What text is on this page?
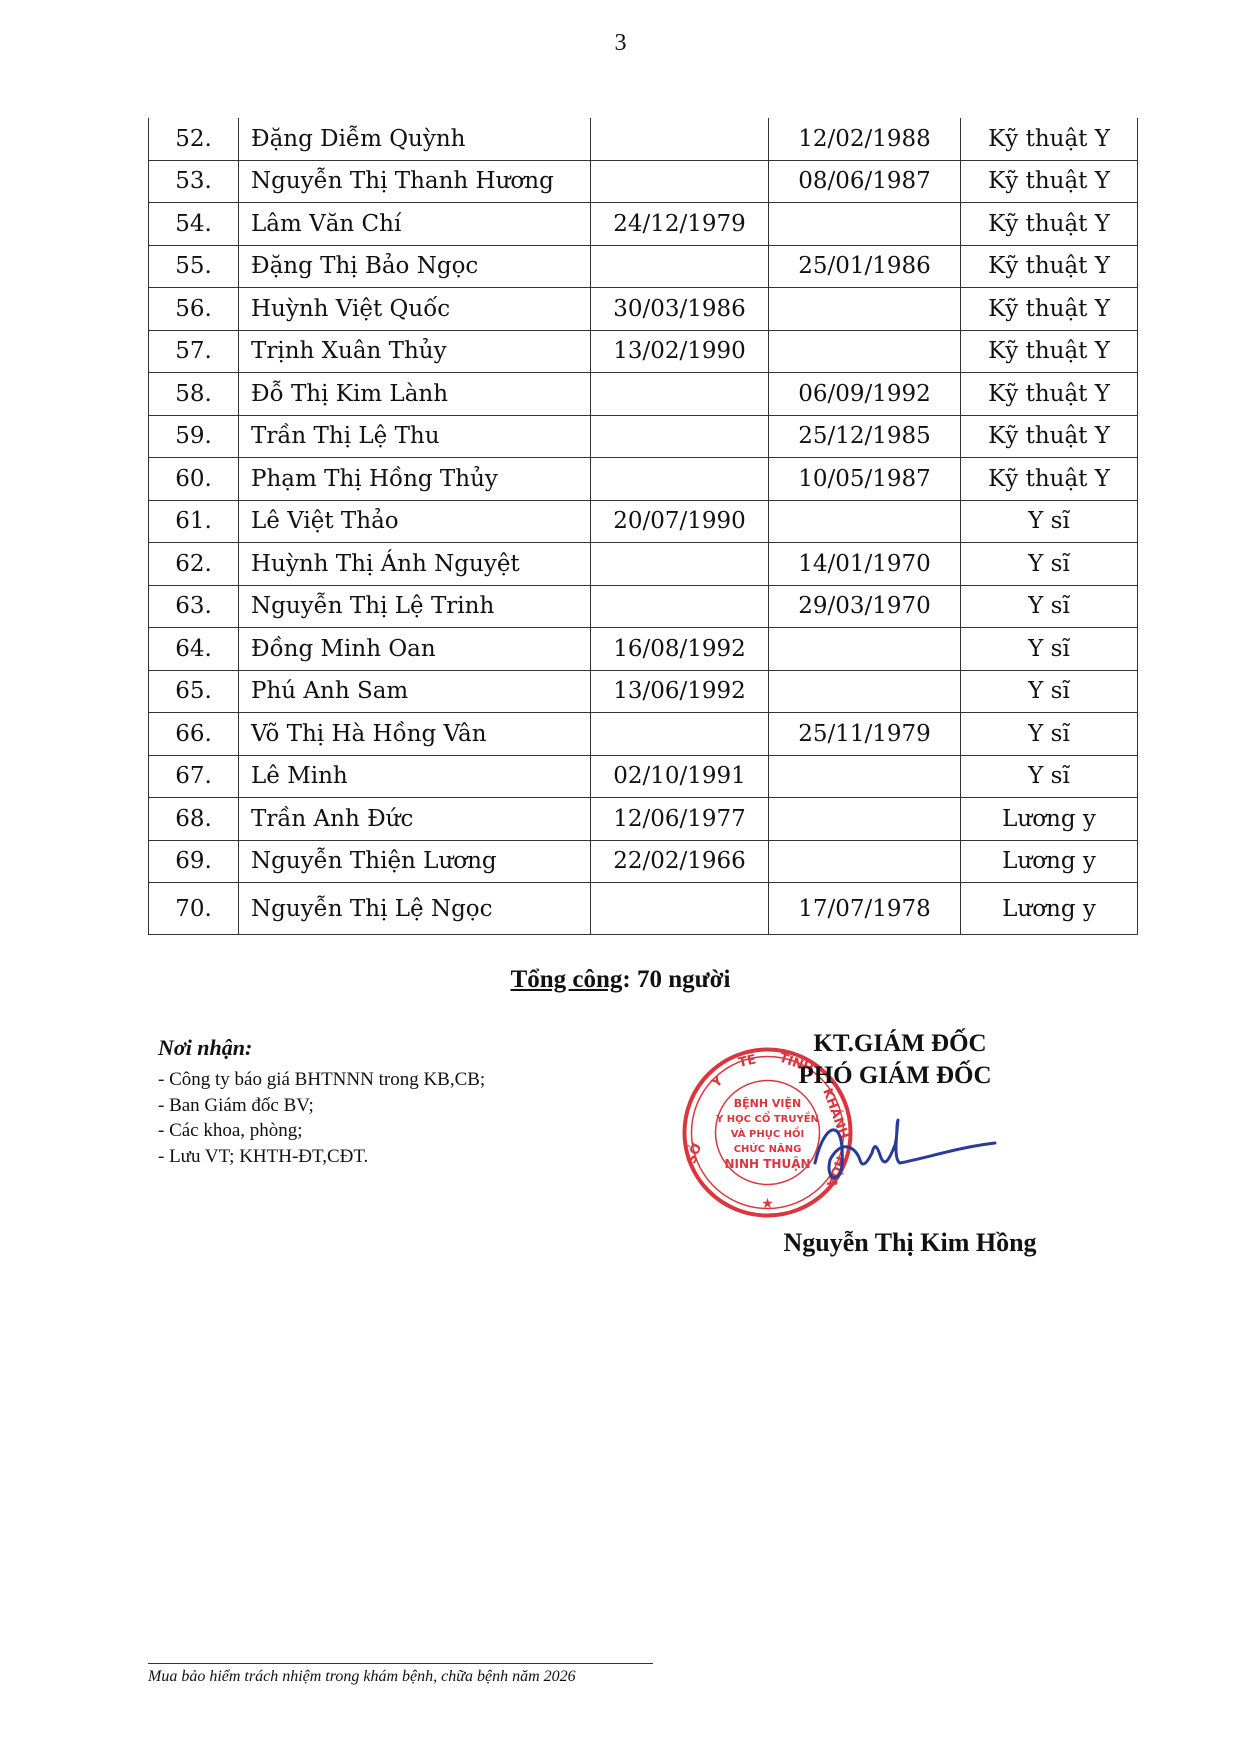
3
52.	Đặng Diễm Quỳnh		12/02/1988	Kỹ thuật Y
53.	Nguyễn Thị Thanh Hương		08/06/1987	Kỹ thuật Y
54.	Lâm Văn Chí	24/12/1979		Kỹ thuật Y
55.	Đặng Thị Bảo Ngọc		25/01/1986	Kỹ thuật Y
56.	Huỳnh Việt Quốc	30/03/1986		Kỹ thuật Y
57.	Trịnh Xuân Thủy	13/02/1990		Kỹ thuật Y
58.	Đỗ Thị Kim Lành		06/09/1992	Kỹ thuật Y
59.	Trần Thị Lệ Thu		25/12/1985	Kỹ thuật Y
60.	Phạm Thị Hồng Thủy		10/05/1987	Kỹ thuật Y
61.	Lê Việt Thảo	20/07/1990		Y sĩ
62.	Huỳnh Thị Ánh Nguyệt		14/01/1970	Y sĩ
63.	Nguyễn Thị Lệ Trinh		29/03/1970	Y sĩ
64.	Đồng Minh Oan	16/08/1992		Y sĩ
65.	Phú Anh Sam	13/06/1992		Y sĩ
66.	Võ Thị Hà Hồng Vân		25/11/1979	Y sĩ
67.	Lê Minh	02/10/1991		Y sĩ
68.	Trần Anh Đức	12/06/1977		Lương y
69.	Nguyễn Thiện Lương	22/02/1966		Lương y
70.	Nguyễn Thị Lệ Ngọc		17/07/1978	Lương y
Tổng công: 70 người
Nơi nhận:
- Công ty báo giá BHTNNN trong KB,CB;
- Ban Giám đốc BV;
- Các khoa, phòng;
- Lưu VT; KHTH-ĐT,CĐT.
BỆNH VIỆN
Y HỌC CỔ TRUYỀN
VÀ PHỤC HỒI
CHỨC NĂNG
NINH THUẬN
★
SỞ
Y
TẾ TỈNH
KHÁNH
HÒA
KT.GIÁM ĐỐC
PHÓ GIÁM ĐỐC
Nguyễn Thị Kim Hồng
Mua bảo hiểm trách nhiệm trong khám bệnh, chữa bệnh năm 2026
